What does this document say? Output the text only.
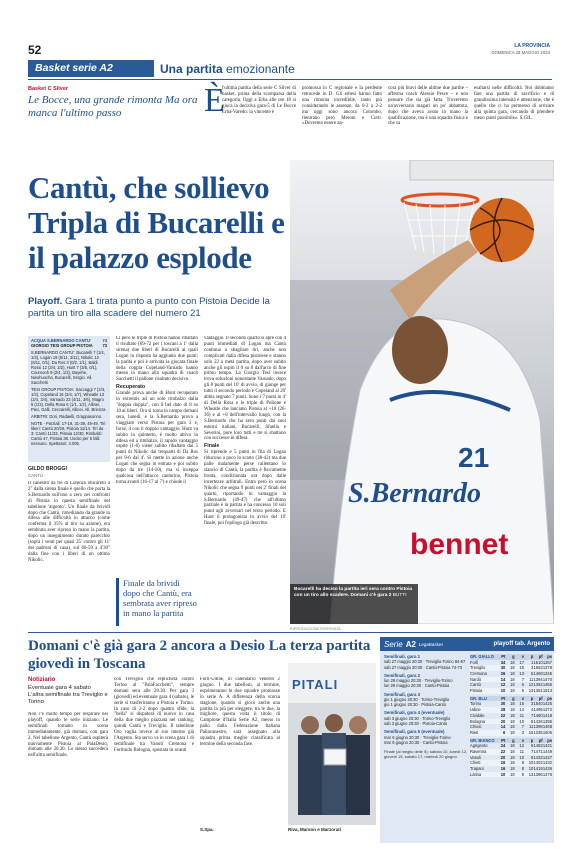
52	LA PROVINCIA
DOMENICA 28 MAGGIO 2023
Basket serie A2	Una partita emozionante
Basket C Silver
Le Bocce, una grande rimonta Ma ora manca l'ultimo passo	È
l'ultima partita della serie C Silver di basket, prima della scomparsa della categoria. Oggi a Erba alle ore 18 si gioca la decisiva gara-5 di Le Bocce Erba-Varedo: la vincente è
promossa in C regionale e la perdente retrocede in D. Gli erbesi hanno fatto una rimonta incredibile, tanto più considerando le assenze, da 0-2 a 2-2 ma oggi sono ancora Colombo, rientrano però Meroni e Corti. «Dovremo essere an-
cora più bravi delle ultime due partite – afferma coach Alessio Pesce – e non pensare che sia già fatta. Troveremo un'avversaria magari un po' abbattuta, dopo che aveva avuto in mano la qualificazione, ma è una squadra fisica e che sa
esaltarsi nelle difficoltà. Noi dobbiamo fare una partita di sacrificio e di grandissima intensità e attenzione, che è quello che ci ha permesso di arrivare alla quinta gara, cercando di prendere meno punti possibile». S.GIL.
21
S.Bernardo
bennet
Bucarelli ha deciso la partita ieri sera contro Pistoia con un tiro allo scadere. Domani c'è gara 2 BUTTI
RIPRODUZIONE RISERVATA
Cantù, che sollievo Tripla di Bucarelli e il palazzo esplode
Playoff. Gara 1 tirata punto a punto con Pistoia Decide la partita un tiro alla scadere del numero 21
ACQUA S.BERNARDO CANTU'	74
GIORGIO TESI GROUP PISTOIA 73
S.BERNARDO CANTU': Bucarelli 7 (1/4, 1/3), Logan 19 (5/11, 3/11), Nikolic 12 (6/11, 0/1), Da Ros 3 (0/2, 1/1), Baldi Rossi 12 (3/4, 2/2), Hunt 7 (3/5, 0/1), Cournooh 9 (2/4, 1/3), Bayehe, Nwohuocha, Bucarelli, Sergio. All. Sacchetti
TESI GROUP PISTOIA: Saccaggi 7 (2/3, 1/3), Copeland 16 (3/4, 1/7), Wheatle 13 (2/4, 3/4), Varnado 23 (4/11, 3/6), Magro 6 (1/3), Della Rosa 6 (1/1, 1/2), Allinei, Paci, Galli, Ceccarelli, Allinei. All. Brienza
ARBITRI: Dori, Radaelli, Grappasonno.
NOTE - Parziali: 17-19, 31-39, 49-49. Tiri liberi: Cantù 20/26, Pistoia 11/14. Tiri da 3: Cantù 11/33, Pistoia 12/30. Rimbalzi: Cantù 47, Pistoia 38. Uscito per 5 falli: nessuno. Spettatori: 3.005.
GILDO BROGGI
CANTÙ
Il canestro da tre di Lorenzo Bucarelli a 2" dalla sirena finale è quello che porta la S.Bernardo sull'uno a zero nei confronti di Pistoia in questa semifinale del tabellone 'argento'. Un finale da brividi dopo che Cantù, rimediando da grande in difesa alle difficoltà in attacco (come conferma il 35% al tiro su azione), era sembrata aver ripreso in mano la partita, dopo un inseguimento durato parecchio (sopra i venti per quasi 25' contro gli 11' dei padroni di casa), sul 66-59 a 4'30" dalla fine con i liberi di un ottimo Nikolic.
Lì però le triple di Pistoia hanno ribaltato il risultato (69-72 per i toscani a 1' dalla sirena) due liberi di Bucarelli ai quali Logan in risposta ha aggiunto due punti; la parità e poi è arrivata la giocata finale della coppia Copeland-Varnado hanno messo in mano alla squadra di coach Sacchetti il pallone risultato decisivo.
Recuperato
Grande prova anche di Hunt recuperato in extremis ad un solo rimbalzo dalla "doppia doppia", con il bel dato di 8 su 10 al liberi. Ora si torna in campo domani sera, lunedì, e la S.Bernardo prova a viaggiare verso Pistoia per gara 3 e, forse, 4 con il doppio vantaggio. Hunt va subito in quintetto, è molto attivo in difesa ed a rimbalzo, il rapido vantaggio ospite (1-6) viene subito ribaltato dai 5 punti di Nikolic dai trequarti di Da Ros per 9-6 dal 4'. Si mette in azione anche Logan che segna in entrata e poi subito dopo da tre (14-10), ma si inceppa qualcosa nell'attacco canturino, Pistoia torna avanti (16-17 al 7') e chiude il
Finale da brividi dopo che Cantù, era sembrata aver ripreso in mano la partita
vantaggio. Il secondo quarto si apre con 4 punti immediati di Logan ma Cantù continua a sbagliare tiri, anche non complicati dalla difesa pistoiese e stanno solo 22 a metà partita, dopo aver subito anche gli ospiti il 0 su 8 dall'arco di fine primo tempo. La Giorgio Tesi invece trova soluzioni nonostante Varnado, dopo gli 8 punti del 10' di avvio, di giunge per tutto il secondo periodo e Copeland al 20' abbia segnato 7 punti. Sono i 7 punti in 4' di Della Rosa e le triple di Pollone e Wheatle che lanciano Pistoia al +10 (26-36) e al +8 dell'intervallo lungo, con la S.Bernardo che ha zero punti dai suoi esterni italiani, Bucarelli, Sfaella e Severini, pure loro tutti e tre sì sbattono con successo in difesa.
Finale
Si riprende e 5 punti in fila di Logan riducono a poco lo scarto (38-42) ma due palle malamente perse rallentano lo slancio di Cantù, la partita è fisicamente brutta, condizionata ora dopo dalle incertezze arbitrali. Entra però in scena Nikolic che segna 9 punti nei 2' finali del quarto, riportando in vantaggio la S.Bernardo (49-47) che all'ultimo parziale è in partita e ha concesso 10 soli punti agli avversari nel terzo periodo. E Hunt il protagonista in avvio del 10' finale, poi l'epilogo già descritto.
Domani c'è già gara 2 ancora a Desio La terza partita giovedì in Toscana
Notiziario
Eventuale gara 4 sabato L'altra semifinale tra Treviglio e Torino
Non c'è molto tempo per respirare nei playoff, quando le serie iniziano. Le semifinali tornano in scena immediatamente, già domani, con gara 2. Nel tabellone Argento, Cantù ospiterà nuovamente Pistoia al PalaDesio, domani alle 20.30. Lo stesso succederà nell'altra semifinale,
con Treviglio che replicherà contro Torino al "PalaFacchetti", sempre domani sera alle 20.30. Per gara 3 (giovedì) ed eventuale gara 4 (sabato), le serie si trasferiranno a Pistoia e Torino. In caso di 2-2 dopo quattro sfide, la "bella" si disputerà di nuovo in casa della due meglio piazzata nel ranking, quindi Cantù e Treviglio. Il tabellone Oro vaglia invece al suo interno già l'Argento. Sta servo va in scena gara 1 di semifinale tra Vanoli Cremona e Fortitudo Bologna, spostata in avanti
Forlì-Udine, in calendario venerdì 2 giugno. I due tabelloni, al termine, esprimeranno le due squadre promosse in serie A. A differenza della scorsa stagione, quando si giocò anche una partita in più per eleggere, tra le due, la migliore, questa volta il titolo di Campione d'Italia Serie A2, messo in palio dalla Federazione Italiana Pallacanestro, sarà assegnato alla squadra prima meglio classificata al termine della seconda fase.
S.Spa.
PITALI
Riva, Marson e Marzorati
Serie A2 LegaBasket	playoff tab. Argento
Semifinali, gara 1
sab 27 maggio 20:30 · Treviglio-Torino 84-87
sab 27 maggio 20:30 · Cantù-Pistoia 74-73
Semifinali, gara 2
lun 29 maggio 20:30 · Treviglio-Torino
lun 29 maggio 20:30 · Cantù-Pistoia
Semifinali, gara 3
gio 1 giugno 20:30 · Torino-Treviglio
gio 1 giugno 20:30 · Pistoia-Cantù
Semifinali, gara 4 (eventuale)
sab 3 giugno 20:30 · Torino-Treviglio
sab 3 giugno 20:30 · Pistoia-Cantù
Semifinali, gara 5 (eventuale)
mar 6 giugno 20:30 · Treviglio-Torino
mar 6 giugno 20:30 · Cantù-Pistoia
Finale (al meglio delle 5): sabato 10, lunedì 12, giovedì 15, sabato 17, martedì 20 giugno.
GR. GIALLO	Pt	g	v	p	pf	ps
Forlì	34	18	17	1 1510 1267
Treviglio	30	18	15	3 1563 1378
Cremona	26	18	13	5 1468 1345
Nardò	14	18	7	11 1394 1470
Cantù	12	18	6	12 1392 1456
Pistoia	10	18	5	13 1361 1513
GR. BLU	Pt	g	v	p	pf	ps
Torino	30	18	15	3 1540 1425
Udine	28	18	14	4 1495 1372
Cividale	22	18	11	7 1460 1418
Bologna	20	18	10	8 1426 1395
Chiusi	14	18	7	11 1398 1468
Rieti	6	18	3	15 1335 1506
GR. BIANCO	Pt	g	v	p	pf	ps
Agrigento	24	18	12	6 1483 1421
Ravenna	22	18	11	7 1471 1449
Vanoli	20	18	10	8 1433 1427
Chieti	16	18	8	10 1402 1432
Trapani	16	18	8	10 1419 1436
Latina	10	18	5	13 1386 1478
